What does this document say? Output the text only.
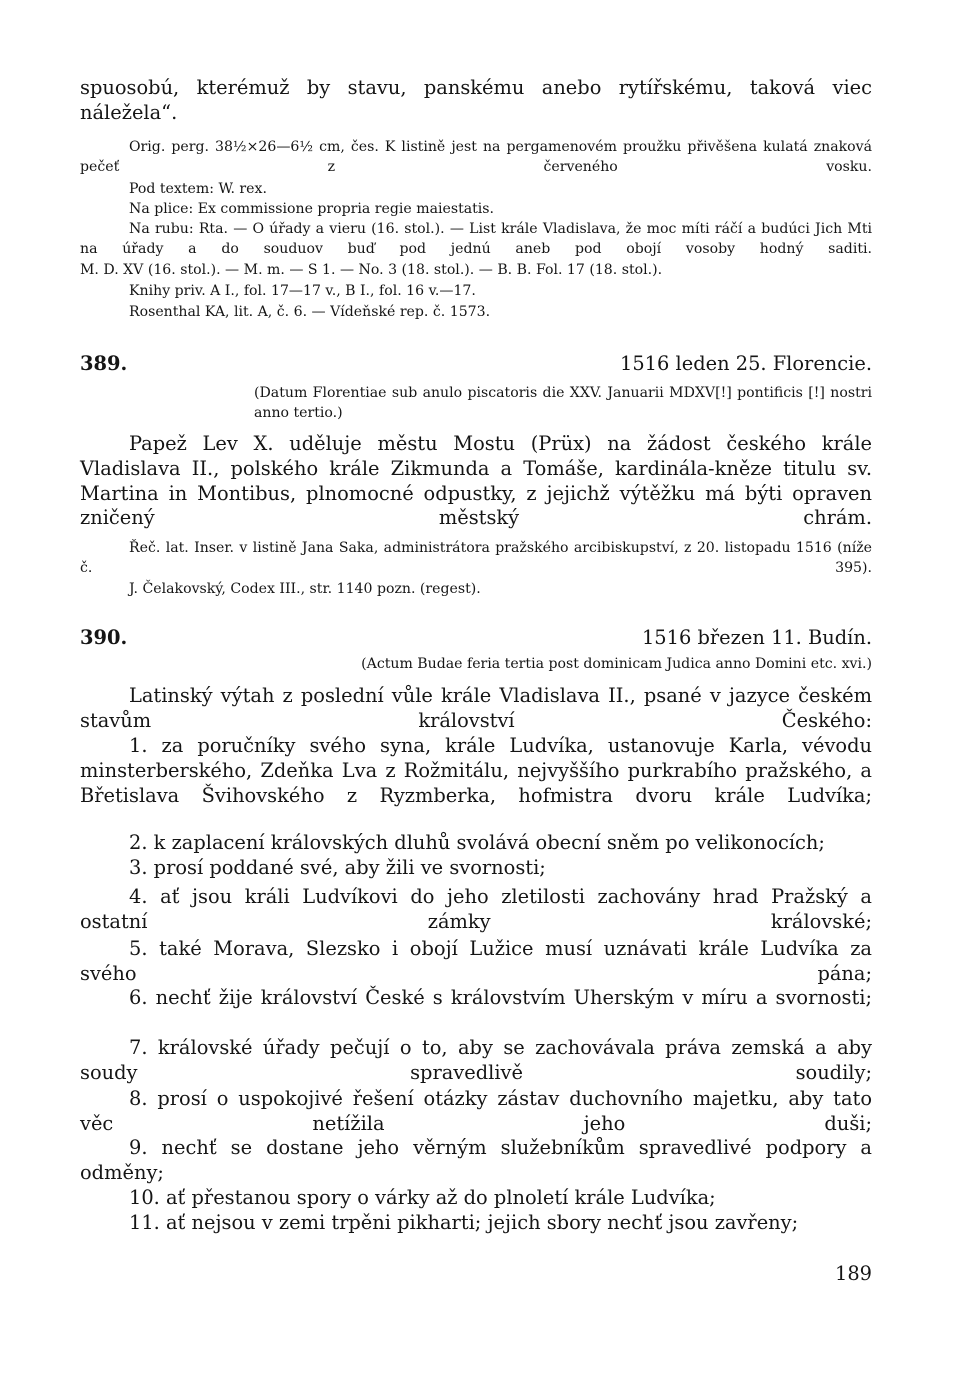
spuosobú, kterémuž by stavu, panskému anebo rytířskému, taková viec náležela“.

Orig. perg. 38½×26—6½ cm, čes. K listině jest na pergamenovém proužku přivěšena kulatá znaková pečeť z červeného vosku.

Pod textem: W. rex.
Na plice: Ex commissione propria regie maiestatis.

Na rubu: Rta. — O úřady a vieru (16. stol.). — List krále Vladislava, že moc míti ráčí a budúci Jich Mti na úřady a do souduov buď pod jednú aneb pod obojí vosoby hodný saditi.

M. D. XV (16. stol.). — M. m. — S 1. — No. 3 (18. stol.). — B. B. Fol. 17 (18. stol.).
Knihy priv. A I., fol. 17—17 v., B I., fol. 16 v.—17.
Rosenthal KA, lit. A, č. 6. — Vídeňské rep. č. 1573.
389.	1516 leden 25. Florencie.

(Datum Florentiae sub anulo piscatoris die XXV. Januarii MDXV[!] pontificis [!] nostri anno tertio.)

Papež Lev X. uděluje městu Mostu (Prüx) na žádost českého krále Vladislava II., polského krále Zikmunda a Tomáše, kardinála-kněze titulu sv. Martina in Montibus, plnomocné odpustky, z jejichž výtěžku má býti opraven zničený městský chrám.

Řeč. lat. Inser. v listině Jana Saka, administrátora pražského arcibiskupství, z 20. listopadu 1516 (níže č. 395).

J. Čelakovský, Codex III., str. 1140 pozn. (regest).
390.	1516 březen 11. Budín.
(Actum Budae feria tertia post dominicam Judica anno Domini etc. xvi.)

Latinský výtah z poslední vůle krále Vladislava II., psané v jazyce českém stavům království Českého:

1. za poručníky svého syna, krále Ludvíka, ustanovuje Karla, vévodu minsterberského, Zdeňka Lva z Rožmitálu, nejvyššího purkrabího pražského, a Břetislava Švihovského z Ryzmberka, hofmistra dvoru krále Ludvíka;

2. k zaplacení královských dluhů svolává obecní sněm po velikonocích;
3. prosí poddané své, aby žili ve svornosti;

4. ať jsou králi Ludvíkovi do jeho zletilosti zachovány hrad Pražský a ostatní zámky královské;

5. také Morava, Slezsko i obojí Lužice musí uznávati krále Ludvíka za svého pána;

6. nechť žije království České s královstvím Uherským v míru a svornosti;

7. královské úřady pečují o to, aby se zachovávala práva zemská a aby soudy spravedlivě soudily;

8. prosí o uspokojivé řešení otázky zástav duchovního majetku, aby tato věc netížila jeho duši;

9. nechť se dostane jeho věrným služebníkům spravedlivé podpory a odměny;

10. ať přestanou spory o várky až do plnoletí krále Ludvíka;
11. ať nejsou v zemi trpěni pikharti; jejich sbory nechť jsou zavřeny;
189
